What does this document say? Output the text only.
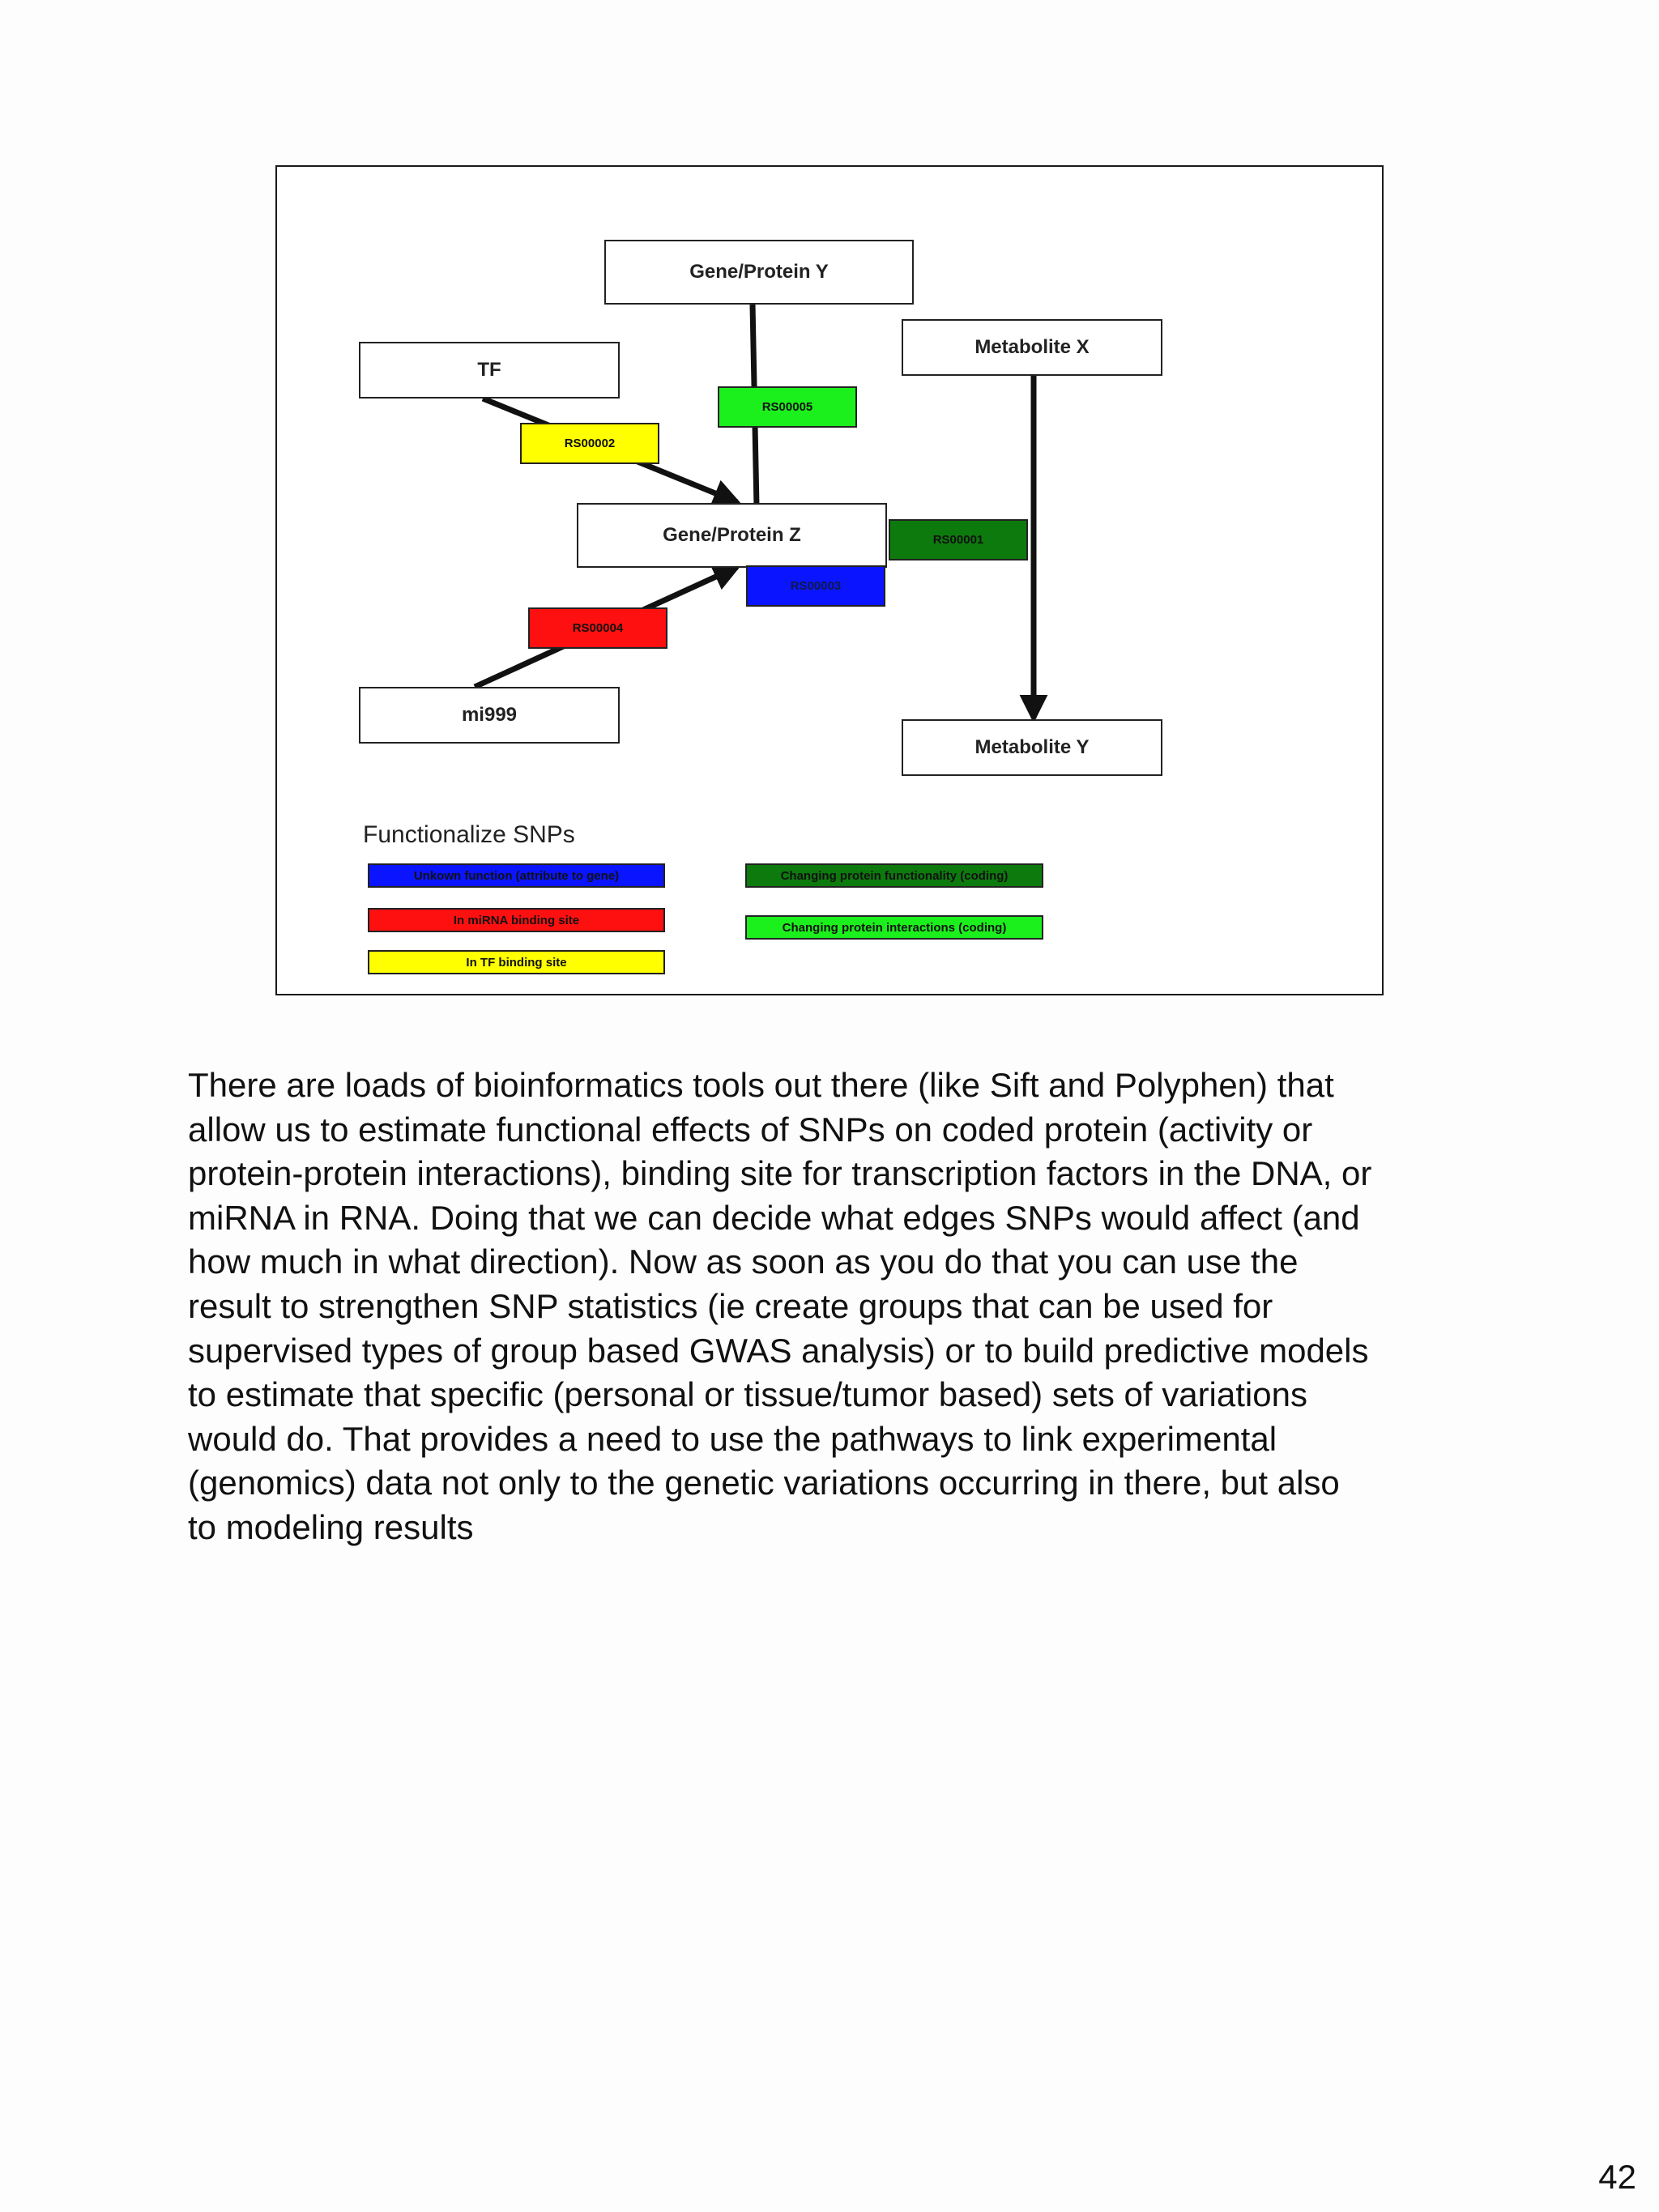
Gene/Protein Y
Metabolite X
TF
Gene/Protein Z
mi999
Metabolite Y
RS00005
RS00002
RS00001
RS00003
RS00004
Functionalize SNPs
Unkown function (attribute to gene)
In miRNA binding site
In TF binding site
Changing protein functionality (coding)
Changing protein interactions (coding)
There are loads of bioinformatics tools out there (like Sift and Polyphen) that
allow us to estimate functional effects of SNPs on coded protein (activity or
protein-protein interactions), binding site for transcription factors in the DNA, or
miRNA in RNA. Doing that we can decide what edges SNPs would affect (and
how much in what direction). Now as soon as you do that you can use the
result to strengthen SNP statistics (ie create groups that can be used for
supervised types of group based GWAS analysis) or to build predictive models
to estimate that specific (personal or tissue/tumor based) sets of variations
would do. That provides a need to use the pathways to link experimental
(genomics) data not only to the genetic variations occurring in there, but also
to modeling results
42
